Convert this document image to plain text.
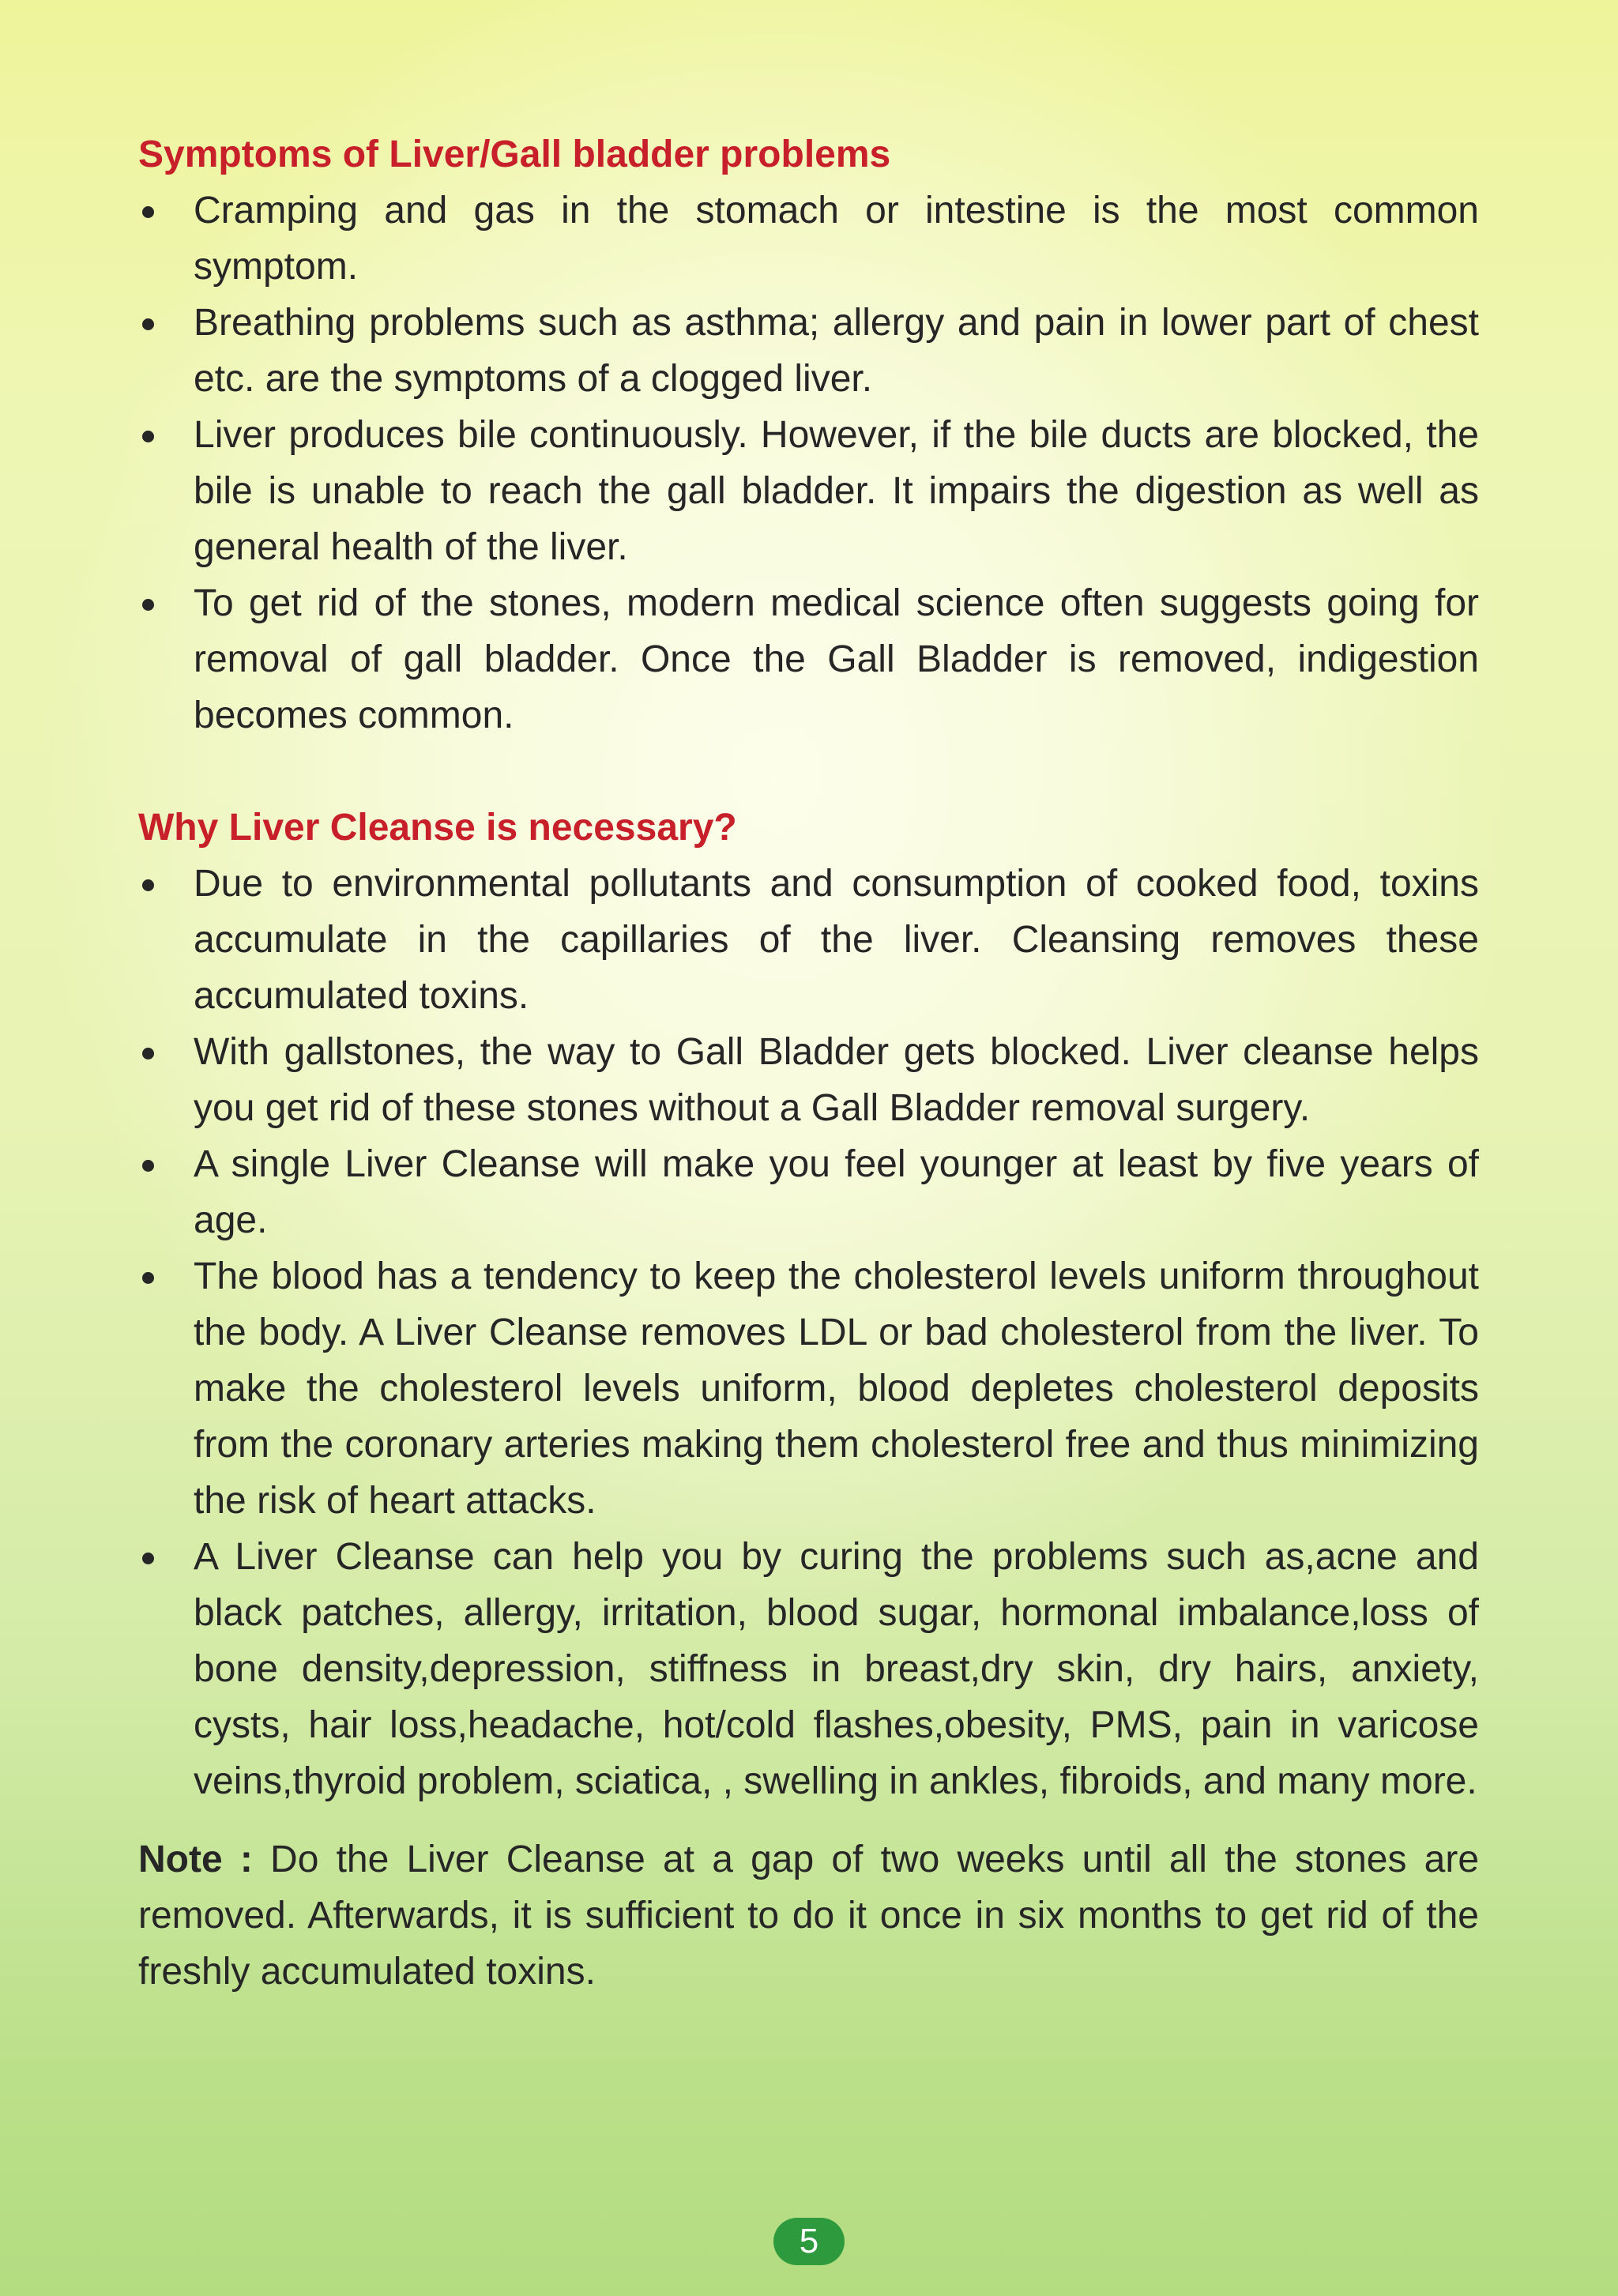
Symptoms of Liver/Gall bladder problems
Cramping and gas in the stomach or intestine is the most common symptom.
Breathing problems such as asthma; allergy and pain in lower part of chest etc. are the symptoms of a clogged liver.
Liver produces bile continuously. However, if the bile ducts are blocked, the bile is unable to reach the gall bladder. It impairs the digestion as well as general health of the liver.
To get rid of the stones, modern medical science often suggests going for removal of gall bladder. Once the Gall Bladder is removed, indigestion becomes common.
Why Liver Cleanse is necessary?
Due to environmental pollutants and consumption of cooked food, toxins accumulate in the capillaries of the liver. Cleansing removes these accumulated toxins.
With gallstones, the way to Gall Bladder gets blocked. Liver cleanse helps you get rid of these stones without a Gall Bladder removal surgery.
A single Liver Cleanse will make you feel younger at least by five years of age.
The blood has a tendency to keep the cholesterol levels uniform throughout the body. A Liver Cleanse removes LDL or bad cholesterol from the liver. To make the cholesterol levels uniform, blood depletes cholesterol deposits from the coronary arteries making them cholesterol free and thus minimizing the risk of heart attacks.
A Liver Cleanse can help you by curing the problems such as,acne and black patches, allergy, irritation, blood sugar, hormonal imbalance,loss of bone density,depression, stiffness in breast,dry skin, dry hairs, anxiety, cysts, hair loss,headache, hot/cold flashes,obesity, PMS, pain in varicose veins,thyroid problem, sciatica, , swelling in ankles, fibroids, and many more.

Note : Do the Liver Cleanse at a gap of two weeks until all the stones are removed. Afterwards, it is sufficient to do it once in six months to get rid of the freshly accumulated toxins.

5
